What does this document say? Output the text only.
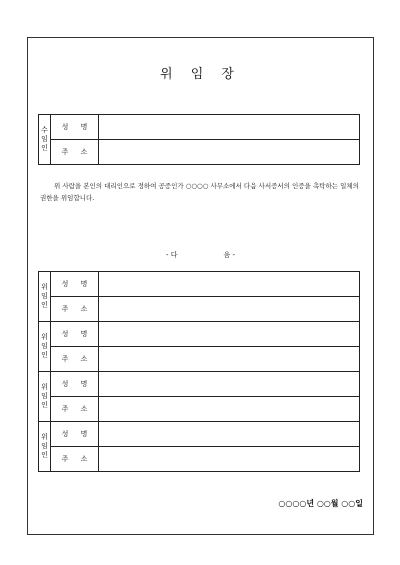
위 임 장
수임인	성 명	
	주 소	
위 사람을 본인의 대리인으로 정하여 공증인가 ○○○○ 사무소에서 다음 사서증서의 인증을 촉탁하는 일체의 권한을 위임합니다.
- 다	음 -
위임인	성 명	
	주 소	
위임인	성 명	
	주 소	
위임인	성 명	
	주 소	
위임인	성 명	
	주 소	
○○○○년 ○○월 ○○일
